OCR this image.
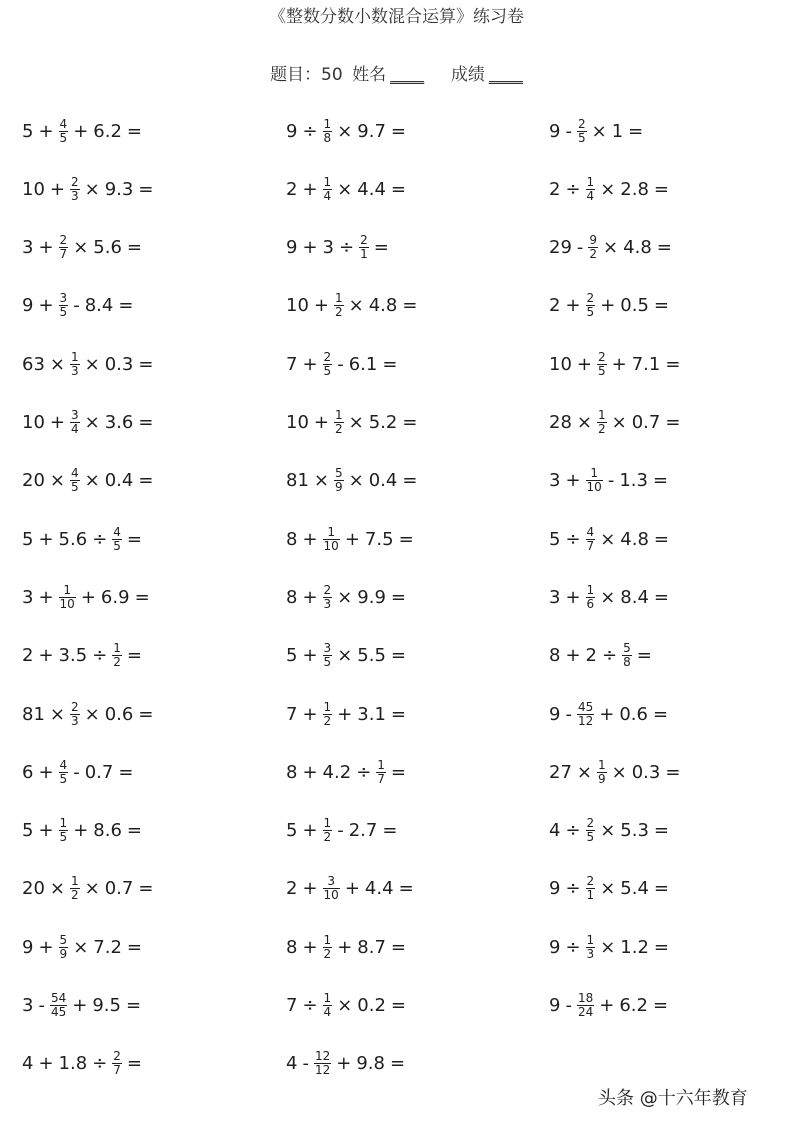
《整数分数小数混合运算》练习卷
题目：50 姓名 ____ 成绩 ____
$5 + \frac{4}{5} + 6.2$ =
$10 + \frac{2}{3} \times 9.3$ =
$3 + \frac{2}{7} \times 5.6$ =
$9 + \frac{3}{5} - 8.4$ =
$63 \times \frac{1}{3} \times 0.3$ =
$10 + \frac{3}{4} \times 3.6$ =
$20 \times \frac{4}{5} \times 0.4$ =
$5 + 5.6 \div \frac{4}{5}$ =
$3 + \frac{1}{10} + 6.9$ =
$2 + 3.5 \div \frac{1}{2}$ =
$81 \times \frac{2}{3} \times 0.6$ =
$6 + \frac{4}{5} - 0.7$ =
$5 + \frac{1}{5} + 8.6$ =
$20 \times \frac{1}{2} \times 0.7$ =
$9 + \frac{5}{9} \times 7.2$ =
$3 - \frac{54}{45} + 9.5$ =
$4 + 1.8 \div \frac{2}{7}$ =
$9 \div \frac{1}{8} \times 9.7$ =
$2 + \frac{1}{4} \times 4.4$ =
$9 + 3 \div \frac{2}{1}$ =
$10 + \frac{1}{2} \times 4.8$ =
$7 + \frac{2}{5} - 6.1$ =
$10 + \frac{1}{2} \times 5.2$ =
$81 \times \frac{5}{9} \times 0.4$ =
$8 + \frac{1}{10} + 7.5$ =
$8 + \frac{2}{3} \times 9.9$ =
$5 + \frac{3}{5} \times 5.5$ =
$7 + \frac{1}{2} + 3.1$ =
$8 + 4.2 \div \frac{1}{7}$ =
$5 + \frac{1}{2} - 2.7$ =
$2 + \frac{3}{10} + 4.4$ =
$8 + \frac{1}{2} + 8.7$ =
$7 \div \frac{1}{4} \times 0.2$ =
$4 - \frac{12}{12} + 9.8$ =
$9 - \frac{2}{5} \times 1$ =
$2 \div \frac{1}{4} \times 2.8$ =
$29 - \frac{9}{2} \times 4.8$ =
$2 + \frac{2}{5} + 0.5$ =
$10 + \frac{2}{5} + 7.1$ =
$28 \times \frac{1}{2} \times 0.7$ =
$3 + \frac{1}{10} - 1.3$ =
$5 \div \frac{4}{7} \times 4.8$ =
$3 + \frac{1}{6} \times 8.4$ =
$8 + 2 \div \frac{5}{8}$ =
$9 - \frac{45}{12} + 0.6$ =
$27 \times \frac{1}{9} \times 0.3$ =
$4 \div \frac{2}{5} \times 5.3$ =
$9 \div \frac{2}{1} \times 5.4$ =
$9 \div \frac{1}{3} \times 1.2$ =
$9 - \frac{18}{24} + 6.2$ =
头条 @十六年教育
